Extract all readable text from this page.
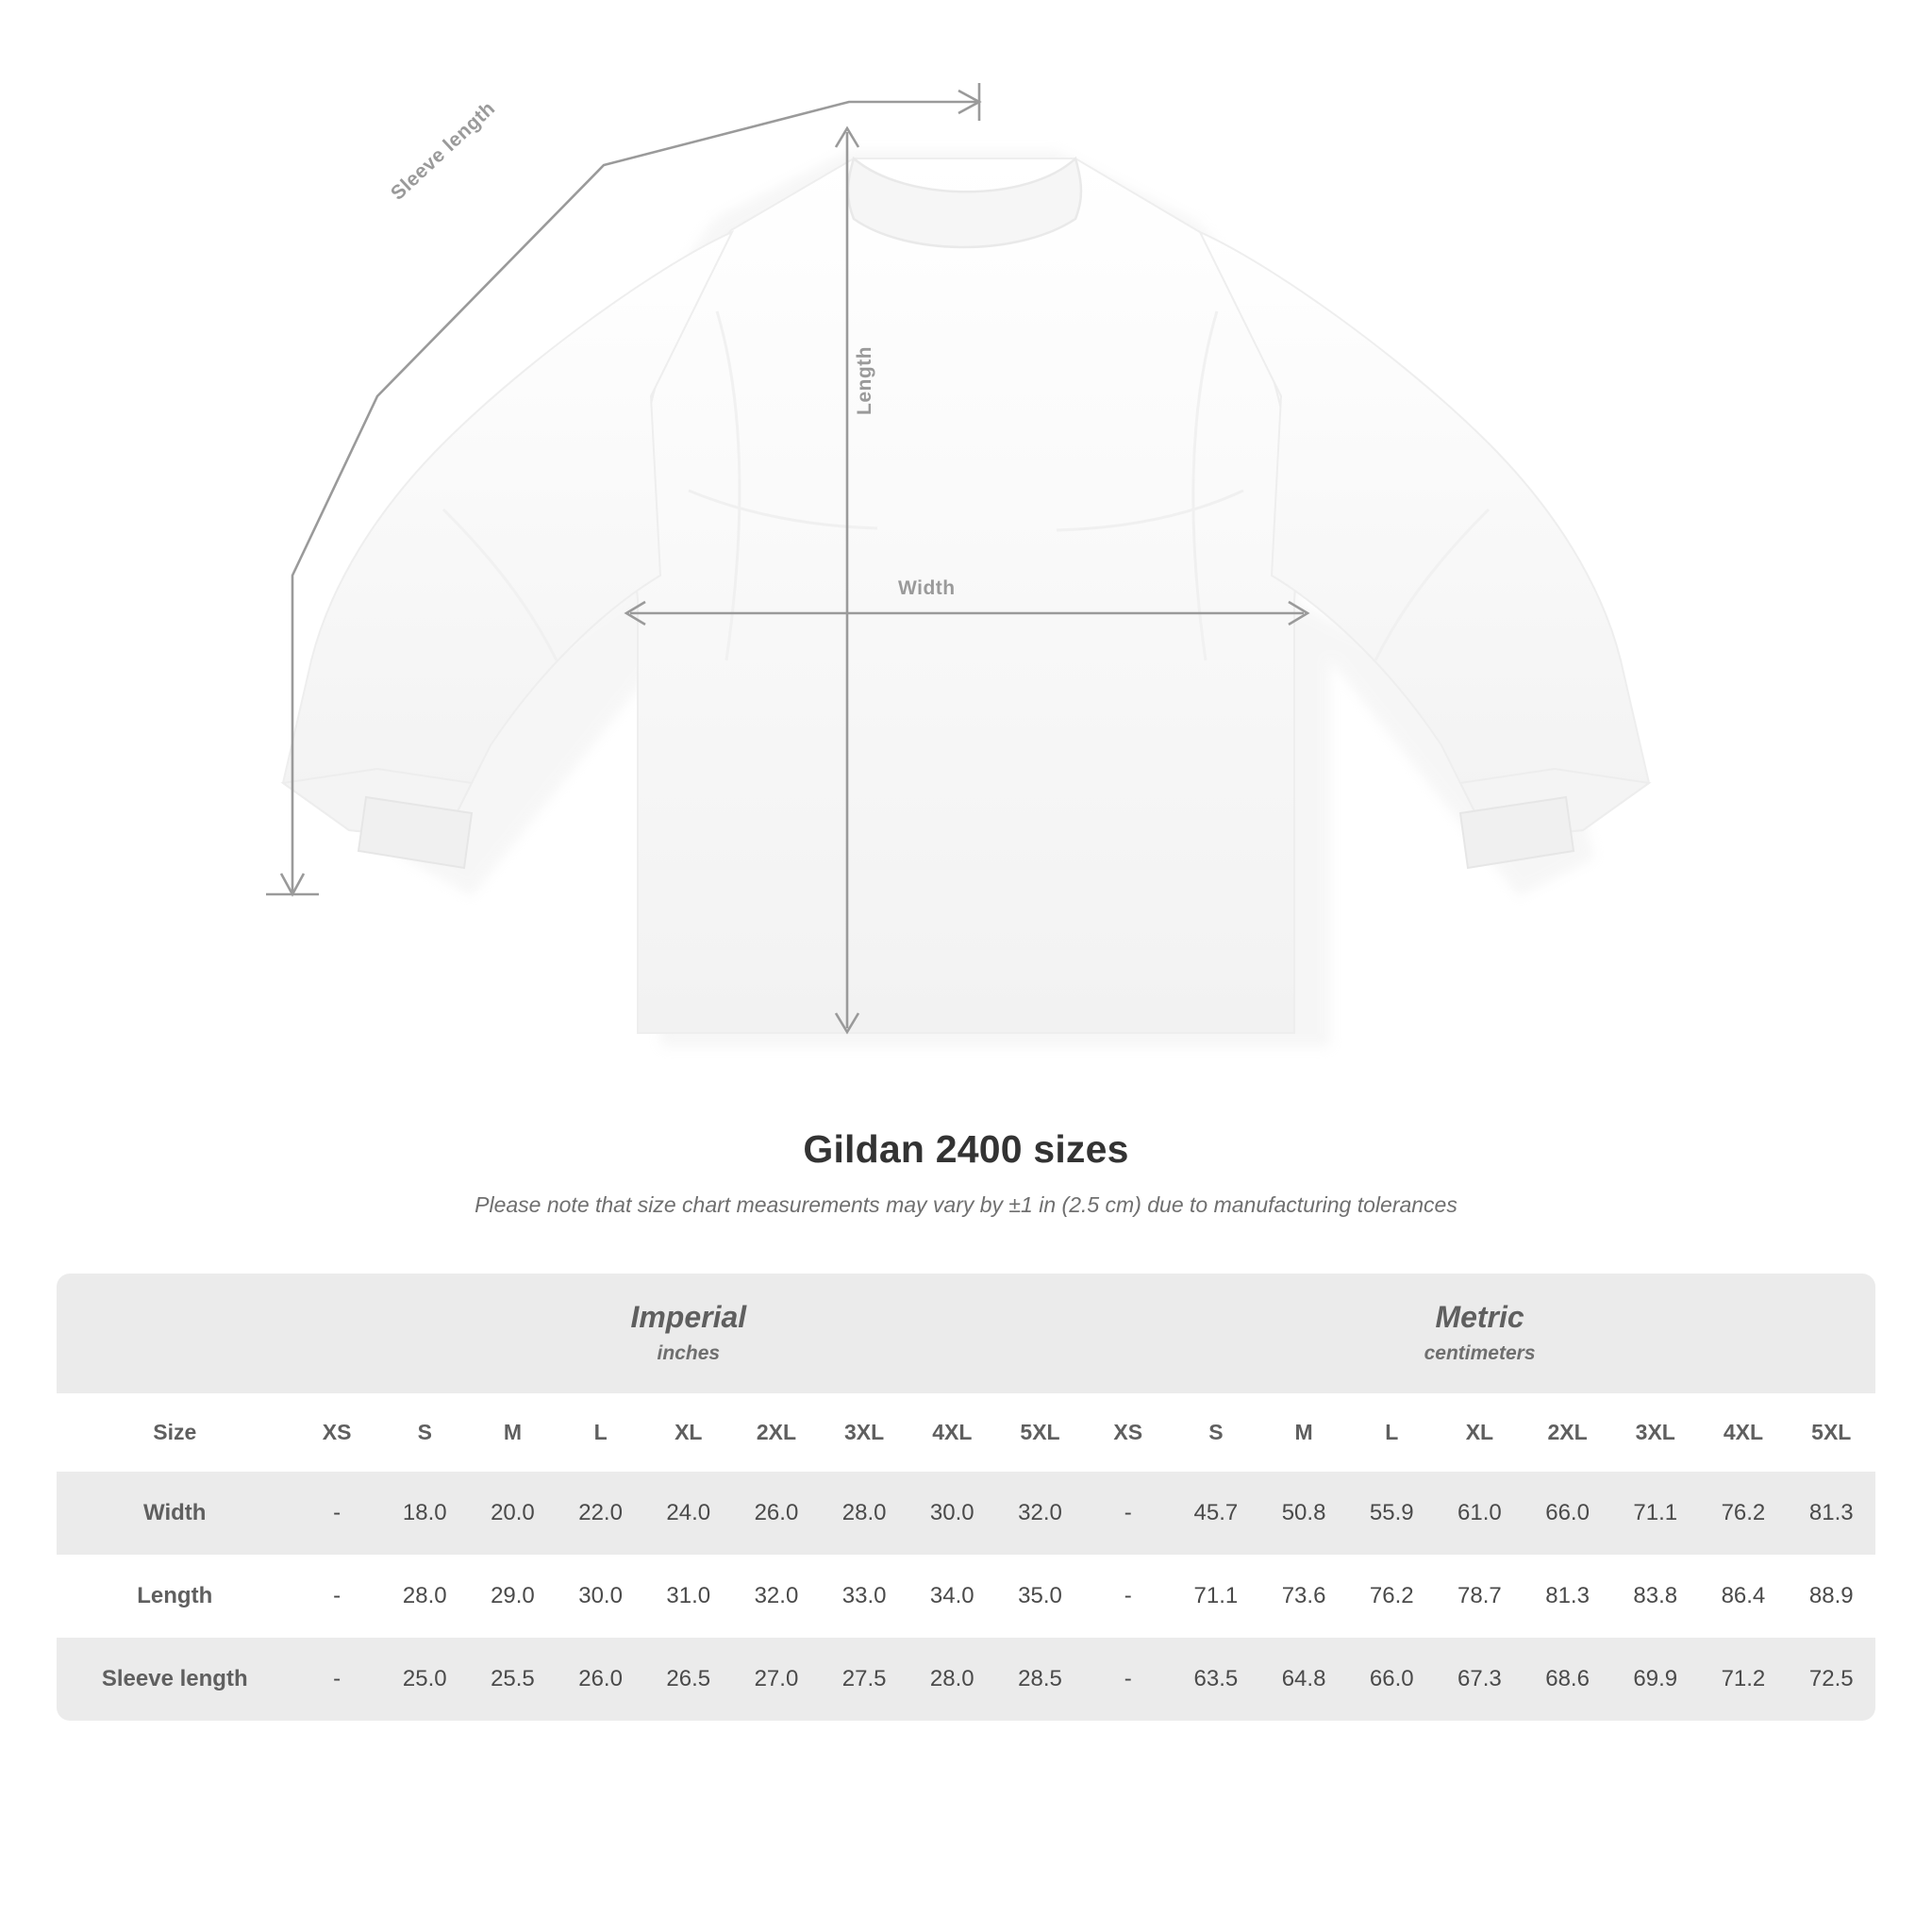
Length
Width
Sleeve length
Gildan 2400 sizes
Please note that size chart measurements may vary by ±1 in (2.5 cm) due to manufacturing tolerances

	Imperial
inches									Metric
centimeters								

Size	XS	S	M	L	XL	2XL	3XL	4XL	5XL	XS	S	M	L	XL	2XL	3XL	4XL	5XL
Width	-	18.0	20.0	22.0	24.0	26.0	28.0	30.0	32.0	-	45.7	50.8	55.9	61.0	66.0	71.1	76.2	81.3
Length	-	28.0	29.0	30.0	31.0	32.0	33.0	34.0	35.0	-	71.1	73.6	76.2	78.7	81.3	83.8	86.4	88.9
Sleeve length	-	25.0	25.5	26.0	26.5	27.0	27.5	28.0	28.5	-	63.5	64.8	66.0	67.3	68.6	69.9	71.2	72.5
